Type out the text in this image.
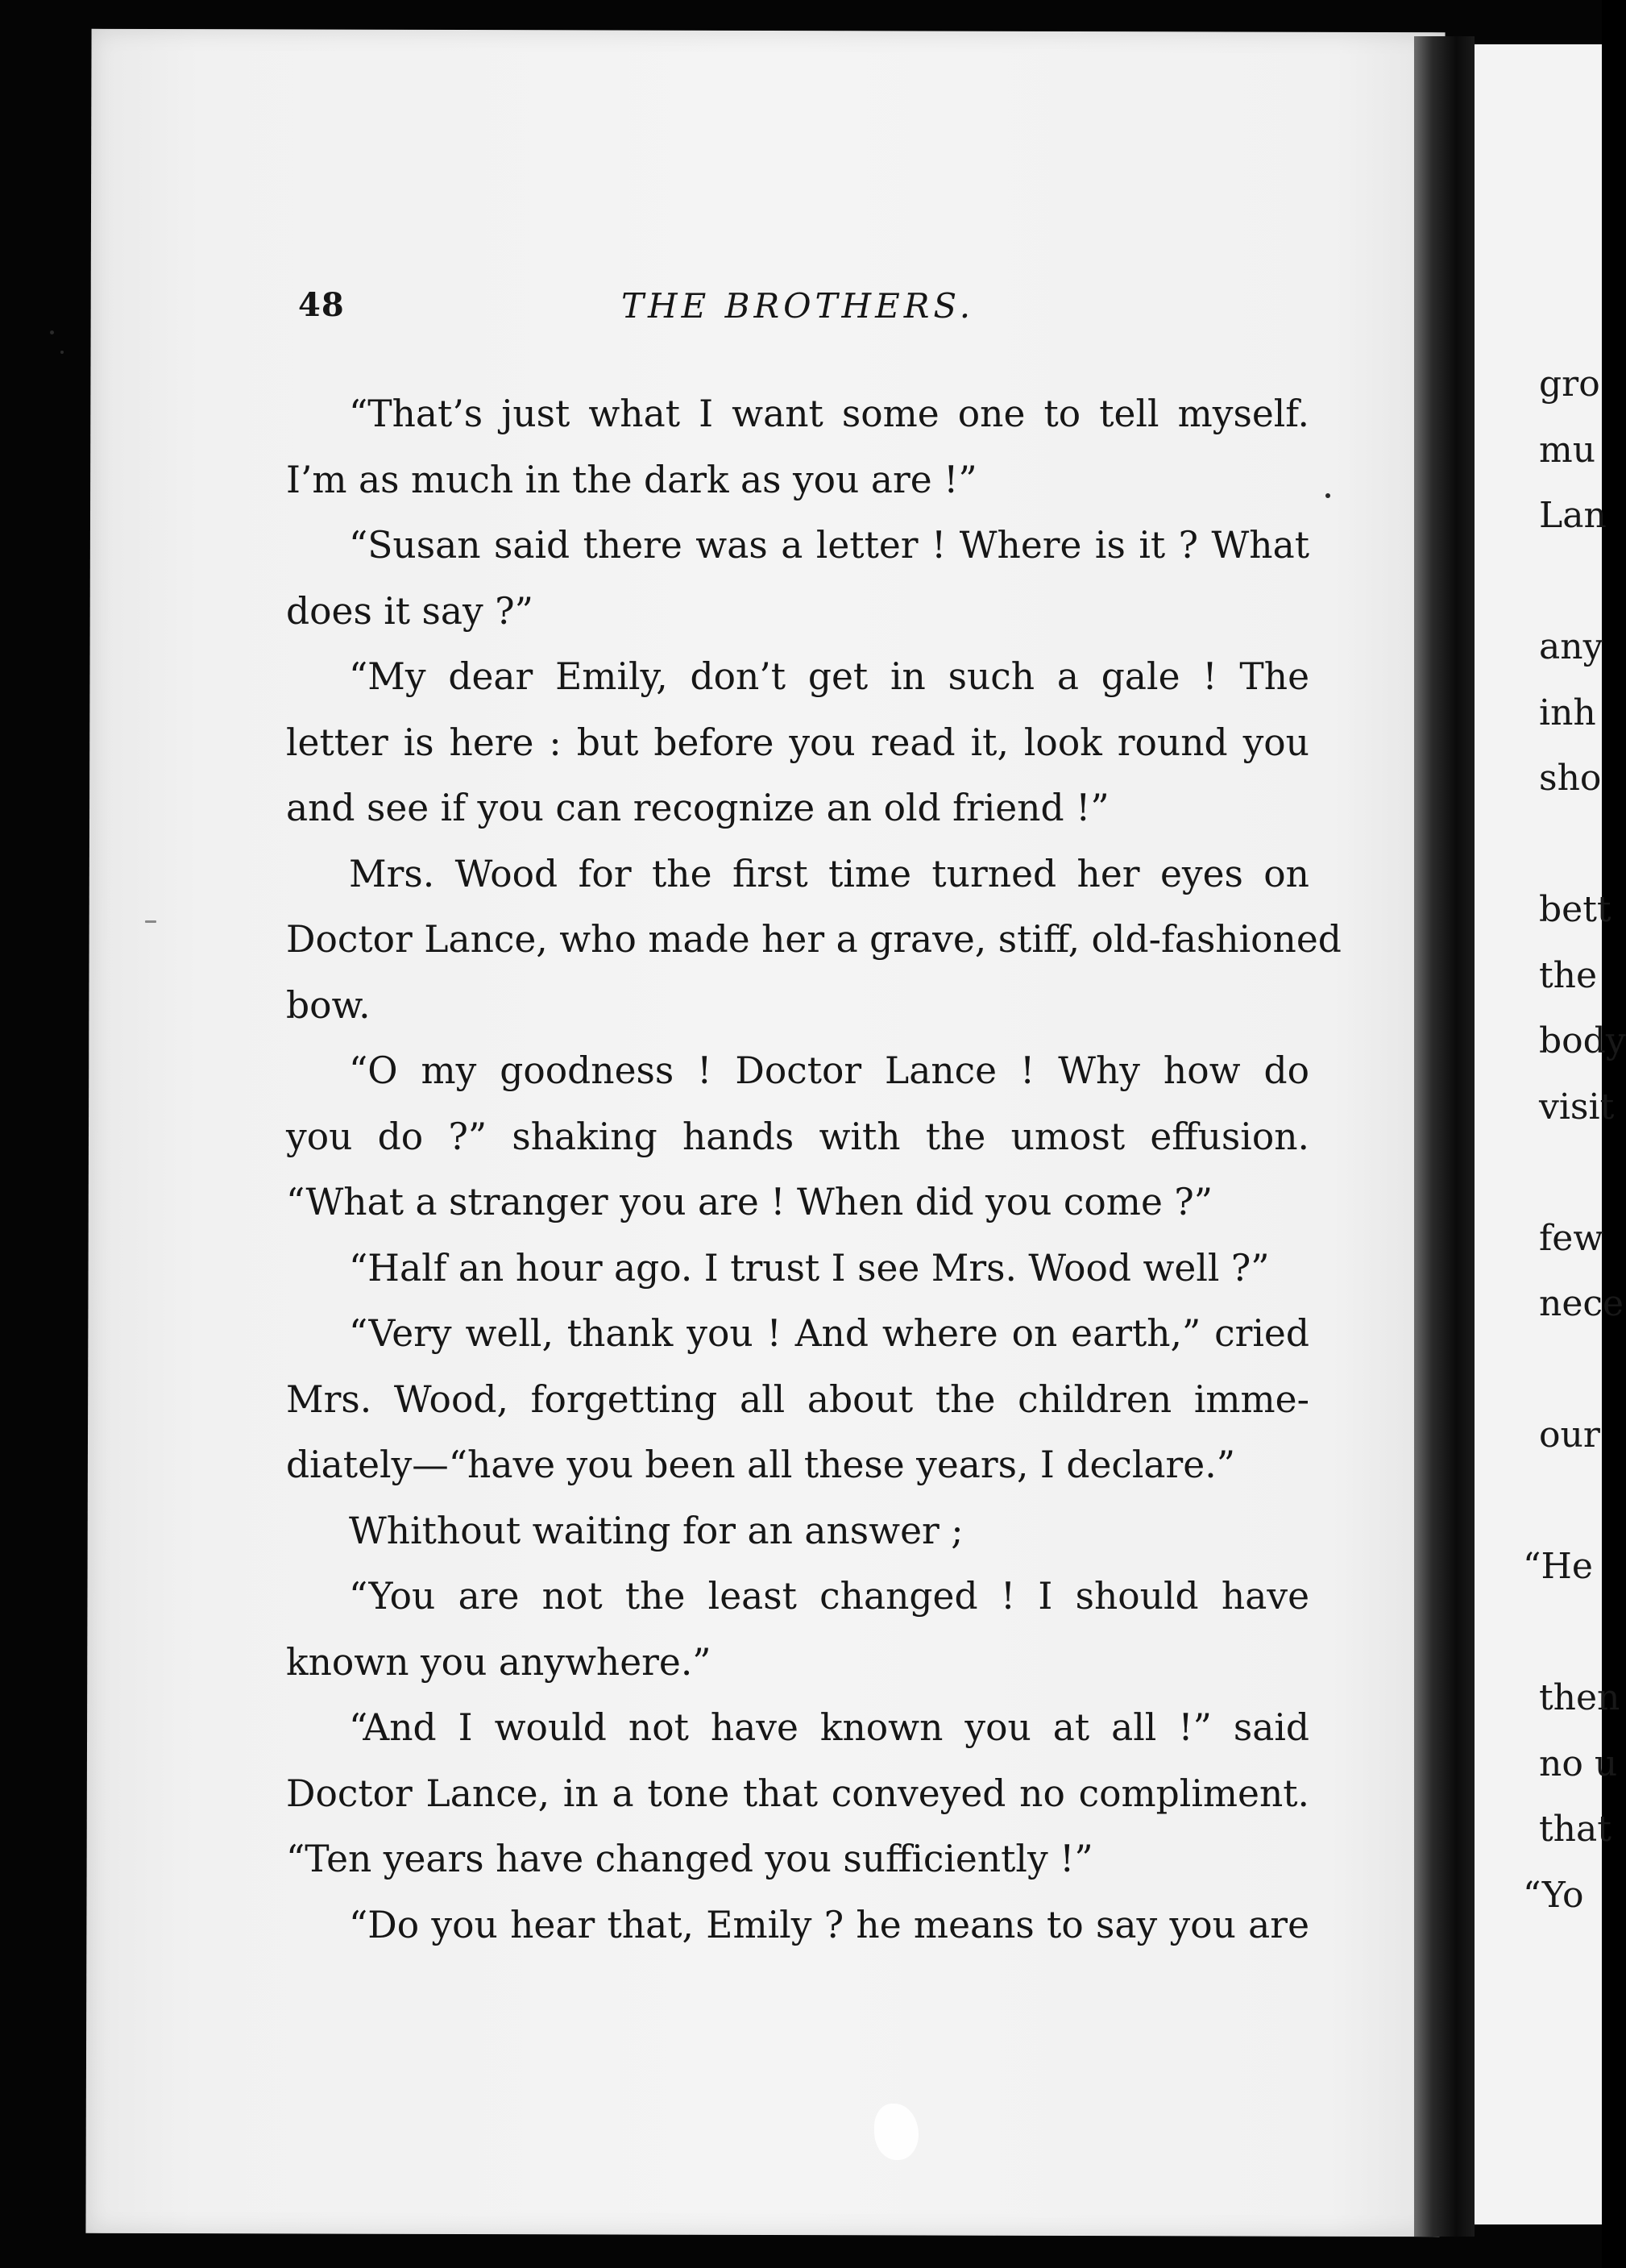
gro
mu
Lan
any
inh
sho
bett
the
body
visit
few
nece
our
“He
then
no u
that
“Yo
48	THE BROTHERS.
“That’s just what I want some one to tell myself.
I’m as much in the dark as you are !”
“Susan said there was a letter ! Where is it ? What
does it say ?”
“My dear Emily, don’t get in such a gale ! The
letter is here : but before you read it, look round you
and see if you can recognize an old friend !”
Mrs. Wood for the first time turned her eyes on
Doctor Lance, who made her a grave, stiff, old-fashioned
bow.
“O my goodness ! Doctor Lance ! Why how do
you do ?” shaking hands with the umost effusion.
“What a stranger you are ! When did you come ?”
“Half an hour ago. I trust I see Mrs. Wood well ?”
“Very well, thank you ! And where on earth,” cried
Mrs. Wood, forgetting all about the children imme-
diately—“have you been all these years, I declare.”
Whithout waiting for an answer ;
“You are not the least changed ! I should have
known you anywhere.”
“And I would not have known you at all !” said
Doctor Lance, in a tone that conveyed no compliment.
“Ten years have changed you sufficiently !”
“Do you hear that, Emily ? he means to say you are
